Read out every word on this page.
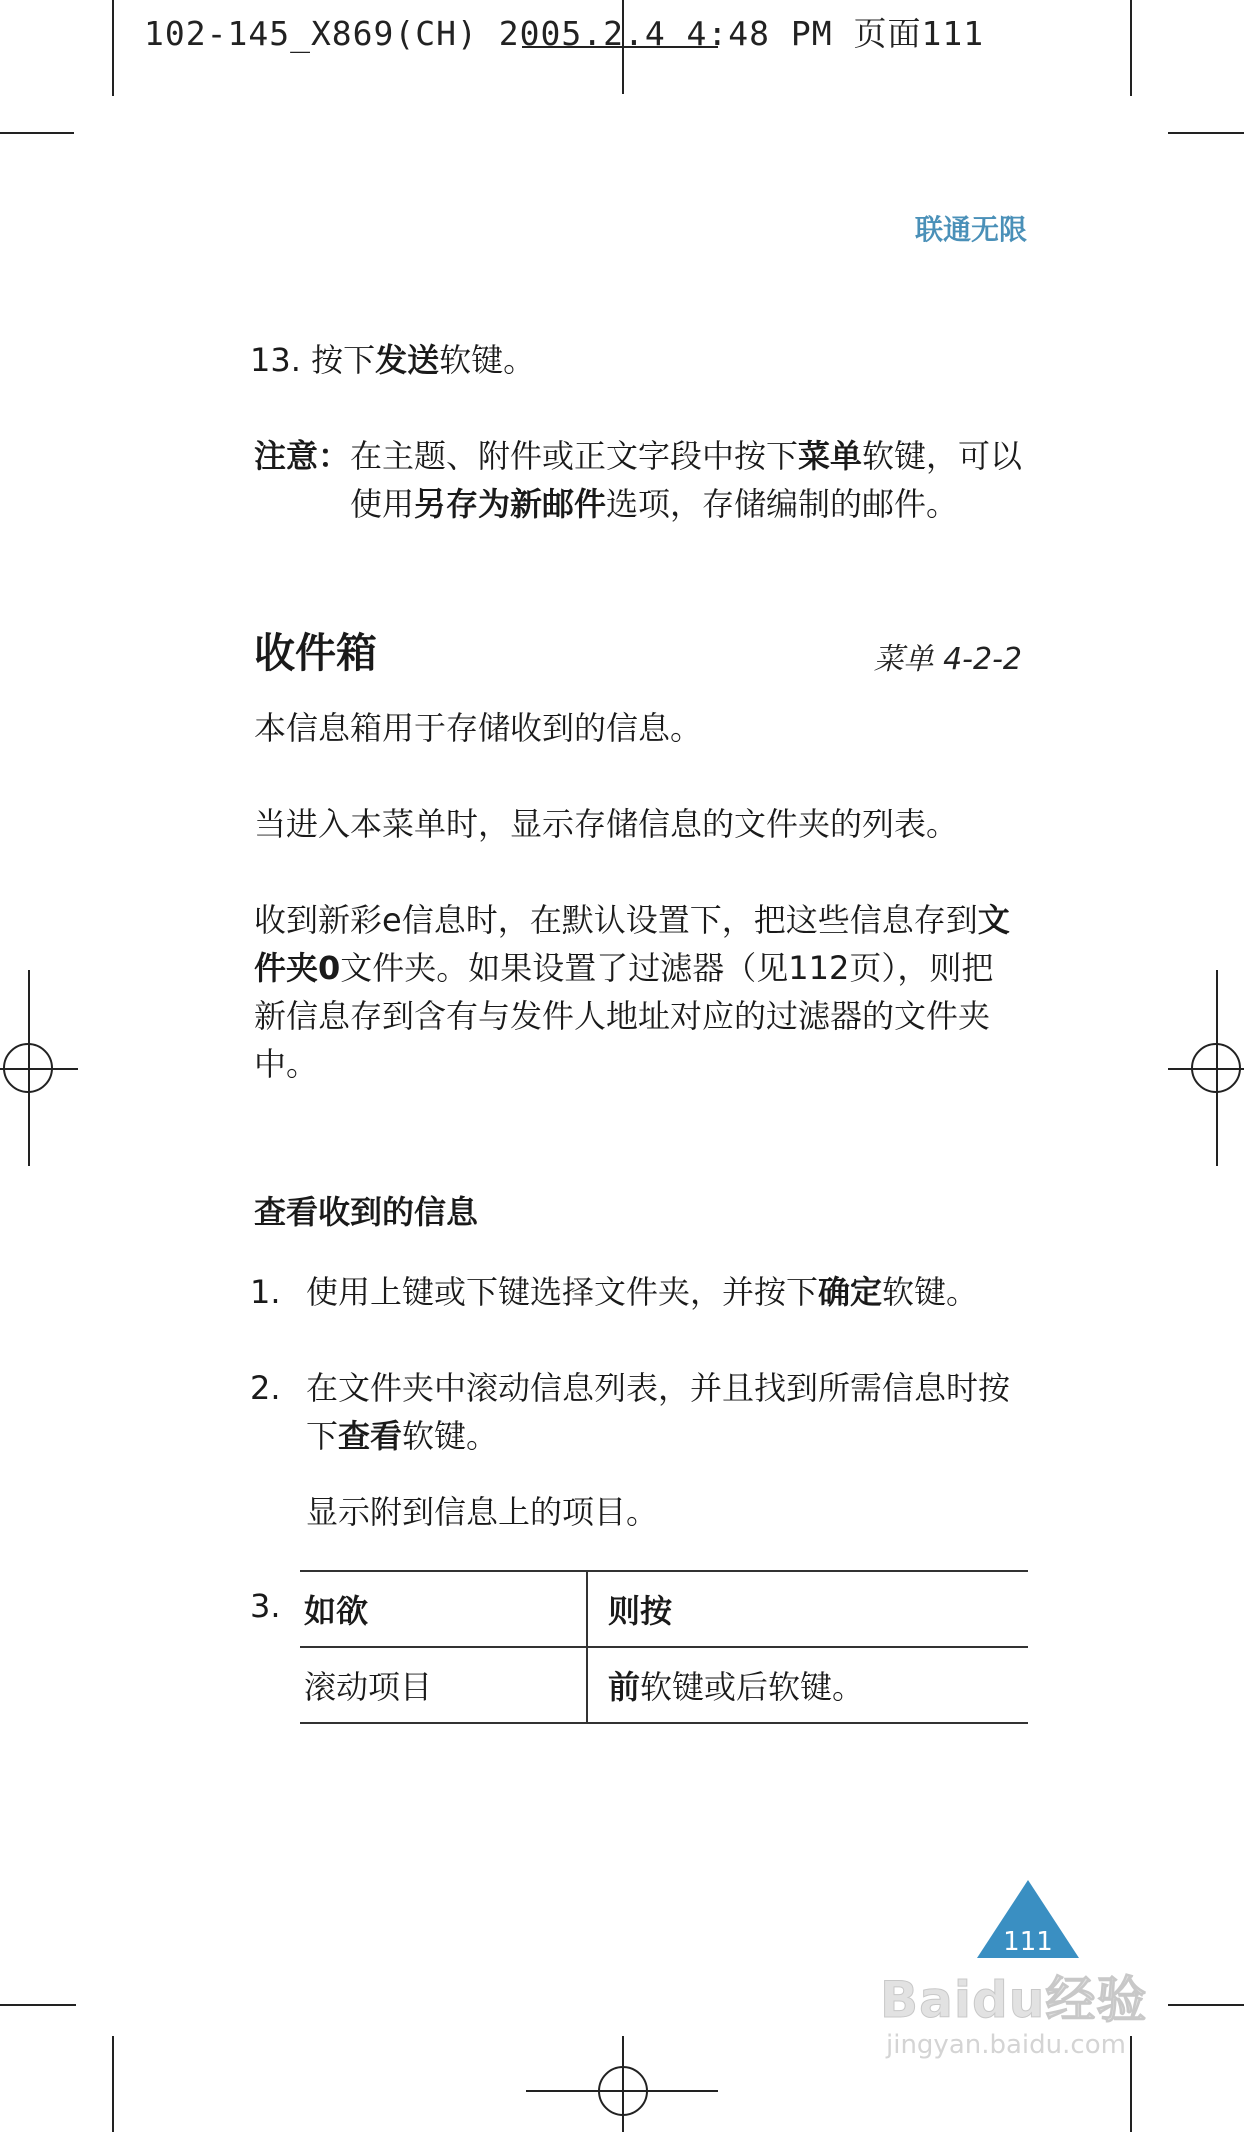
102-145_X869(CH) 2005.2.4 4:48 PM 页面111
联通无限
13. 按下发送软键。
注意：在主题、附件或正文字段中按下菜单软键，可以
使用另存为新邮件选项，存储编制的邮件。
收件箱	菜单 4-2-2
本信息箱用于存储收到的信息。
当进入本菜单时，显示存储信息的文件夹的列表。
收到新彩e信息时，在默认设置下，把这些信息存到文
件夹0文件夹。如果设置了过滤器（见112页），则把
新信息存到含有与发件人地址对应的过滤器的文件夹
中。
查看收到的信息
1. 使用上键或下键选择文件夹，并按下确定软键。
2. 在文件夹中滚动信息列表，并且找到所需信息时按
下查看软键。
显示附到信息上的项目。
3. 如欲	则按
滚动项目	前软键或后软键。
111
Baidu经验
jingyan.baidu.com
